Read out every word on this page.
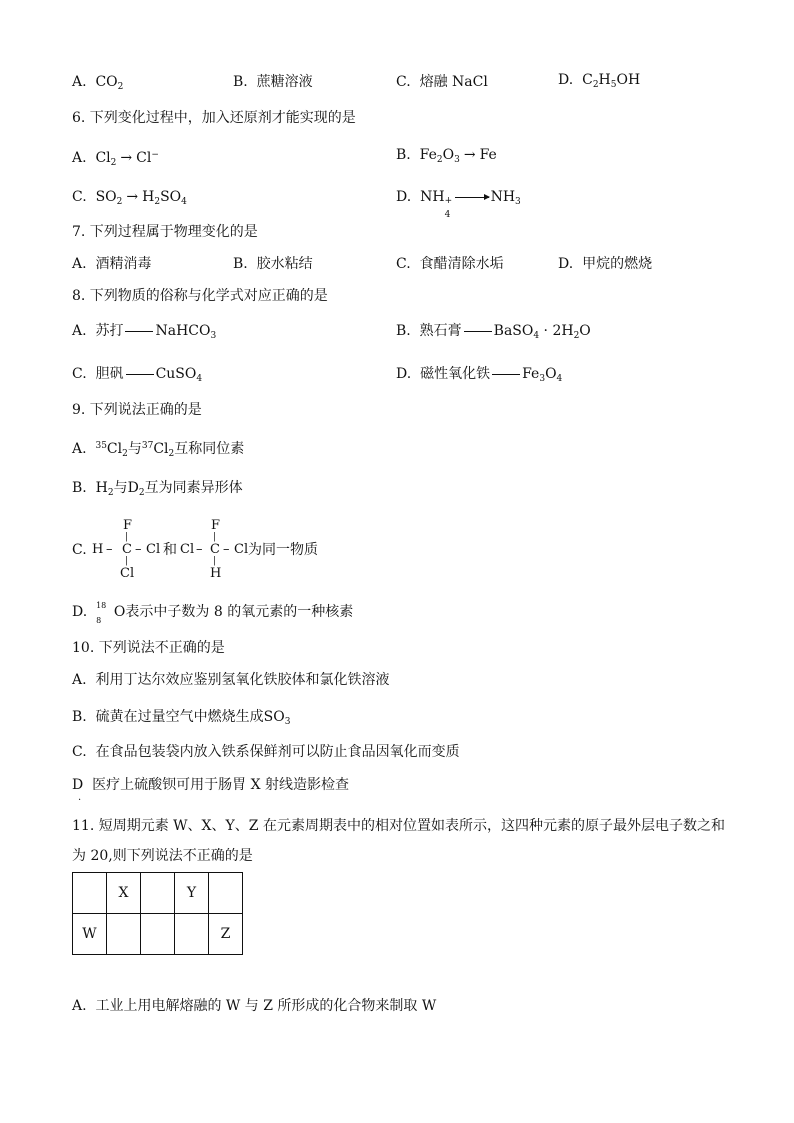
A. $CO_2$	B. 蔗糖溶液	C. 熔融 NaCl	D. $C_2H_5OH$
6. 下列变化过程中，加入还原剂才能实现的是
A. $Cl_2 \to Cl^-$	B. $Fe_2O_3 \to Fe$
C. $SO_2 \to H_2SO_4$	D. NH +
4
$NH_3$
7. 下列过程属于物理变化的是
A. 酒精消毒	B. 胶水粘结	C. 食醋清除水垢	D. 甲烷的燃烧
8. 下列物质的俗称与化学式对应正确的是
A. 苏打 NaHCO$_3$	B. 熟石膏 BaSO$_4$ · $2H_2O$
C. 胆矾 CuSO$_4$	D. 磁性氧化铁 $Fe_3O_4$
9. 下列说法正确的是
A. $^{35}Cl_2$与$^{37}Cl_2$互称同位素
B. $H_2$与$D_2$互为同素异形体
C.
F
|
H – C – Cl
|
Cl
和
F
|
Cl – C – Cl
|
H
为同一物质
D. 18
8
O表示中子数为 8 的氧元素的一种核素
10. 下列说法不正确的是
A. 利用丁达尔效应鉴别氢氧化铁胶体和氯化铁溶液
B. 硫黄在过量空气中燃烧生成$SO_3$
C. 在食品包装袋内放入铁系保鲜剂可以防止食品因氧化而变质
D 医疗上硫酸钡可用于肠胃 X 射线造影检查
.
11. 短周期元素 W、X、Y、Z 在元素周期表中的相对位置如表所示，这四种元素的原子最外层电子数之和
为 20,则下列说法不正确的是
	X		Y	
W				Z
A. 工业上用电解熔融的 W 与 Z 所形成的化合物来制取 W
